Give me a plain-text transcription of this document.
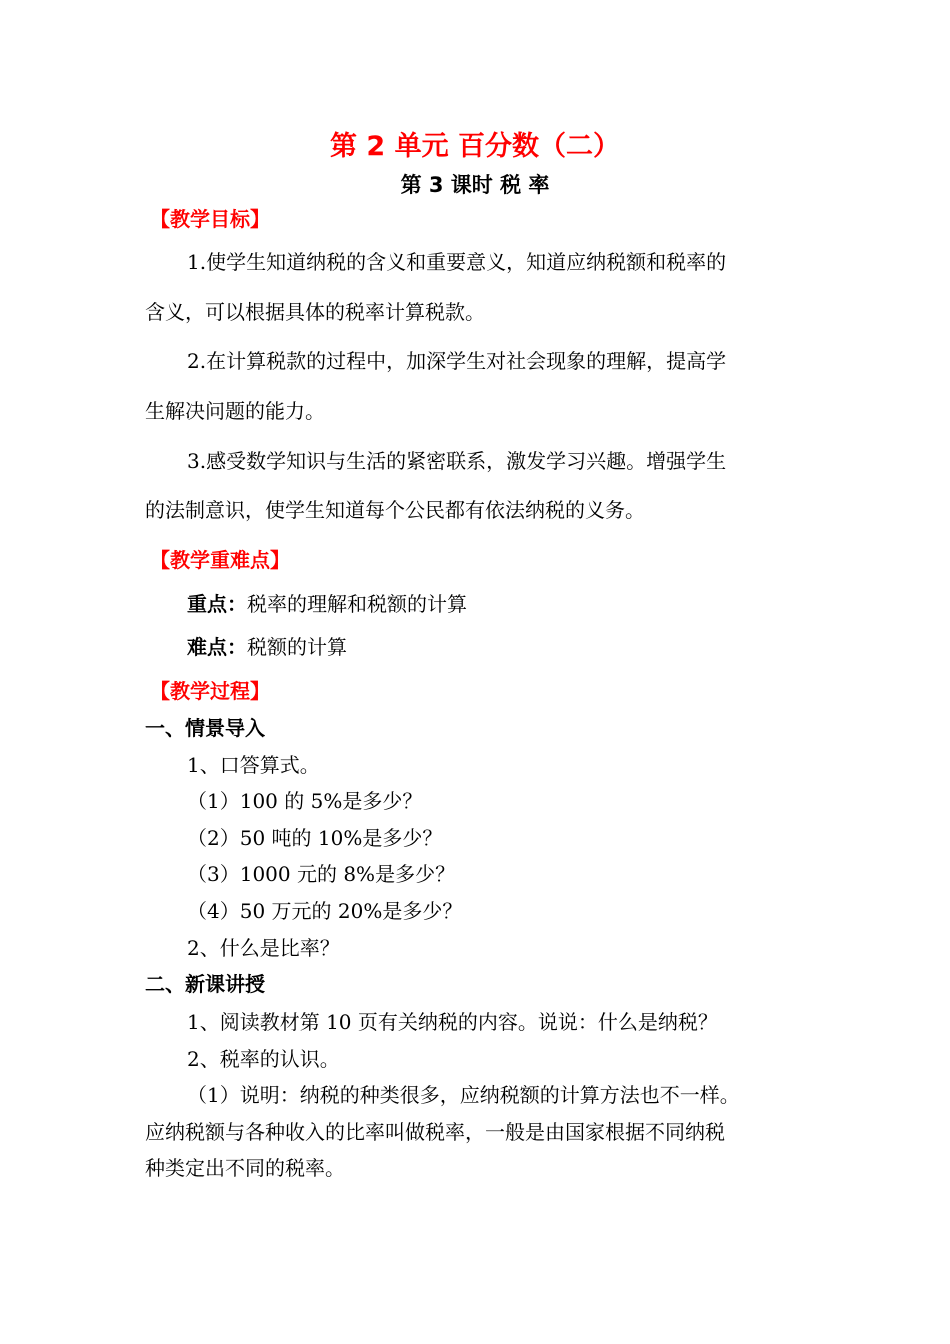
第 2 单元 百分数（二）
第 3 课时 税 率
【教学目标】
1.使学生知道纳税的含义和重要意义，知道应纳税额和税率的
含义，可以根据具体的税率计算税款。
2.在计算税款的过程中，加深学生对社会现象的理解，提高学
生解决问题的能力。
3.感受数学知识与生活的紧密联系，激发学习兴趣。增强学生
的法制意识，使学生知道每个公民都有依法纳税的义务。
【教学重难点】
重点：税率的理解和税额的计算
难点：税额的计算
【教学过程】
一、情景导入
1、口答算式。
（1）100 的 5%是多少？
（2）50 吨的 10%是多少？
（3）1000 元的 8%是多少？
（4）50 万元的 20%是多少？
2、什么是比率？
二、新课讲授
1、阅读教材第 10 页有关纳税的内容。说说：什么是纳税？
2、税率的认识。
（1）说明：纳税的种类很多，应纳税额的计算方法也不一样。
应纳税额与各种收入的比率叫做税率，一般是由国家根据不同纳税
种类定出不同的税率。
